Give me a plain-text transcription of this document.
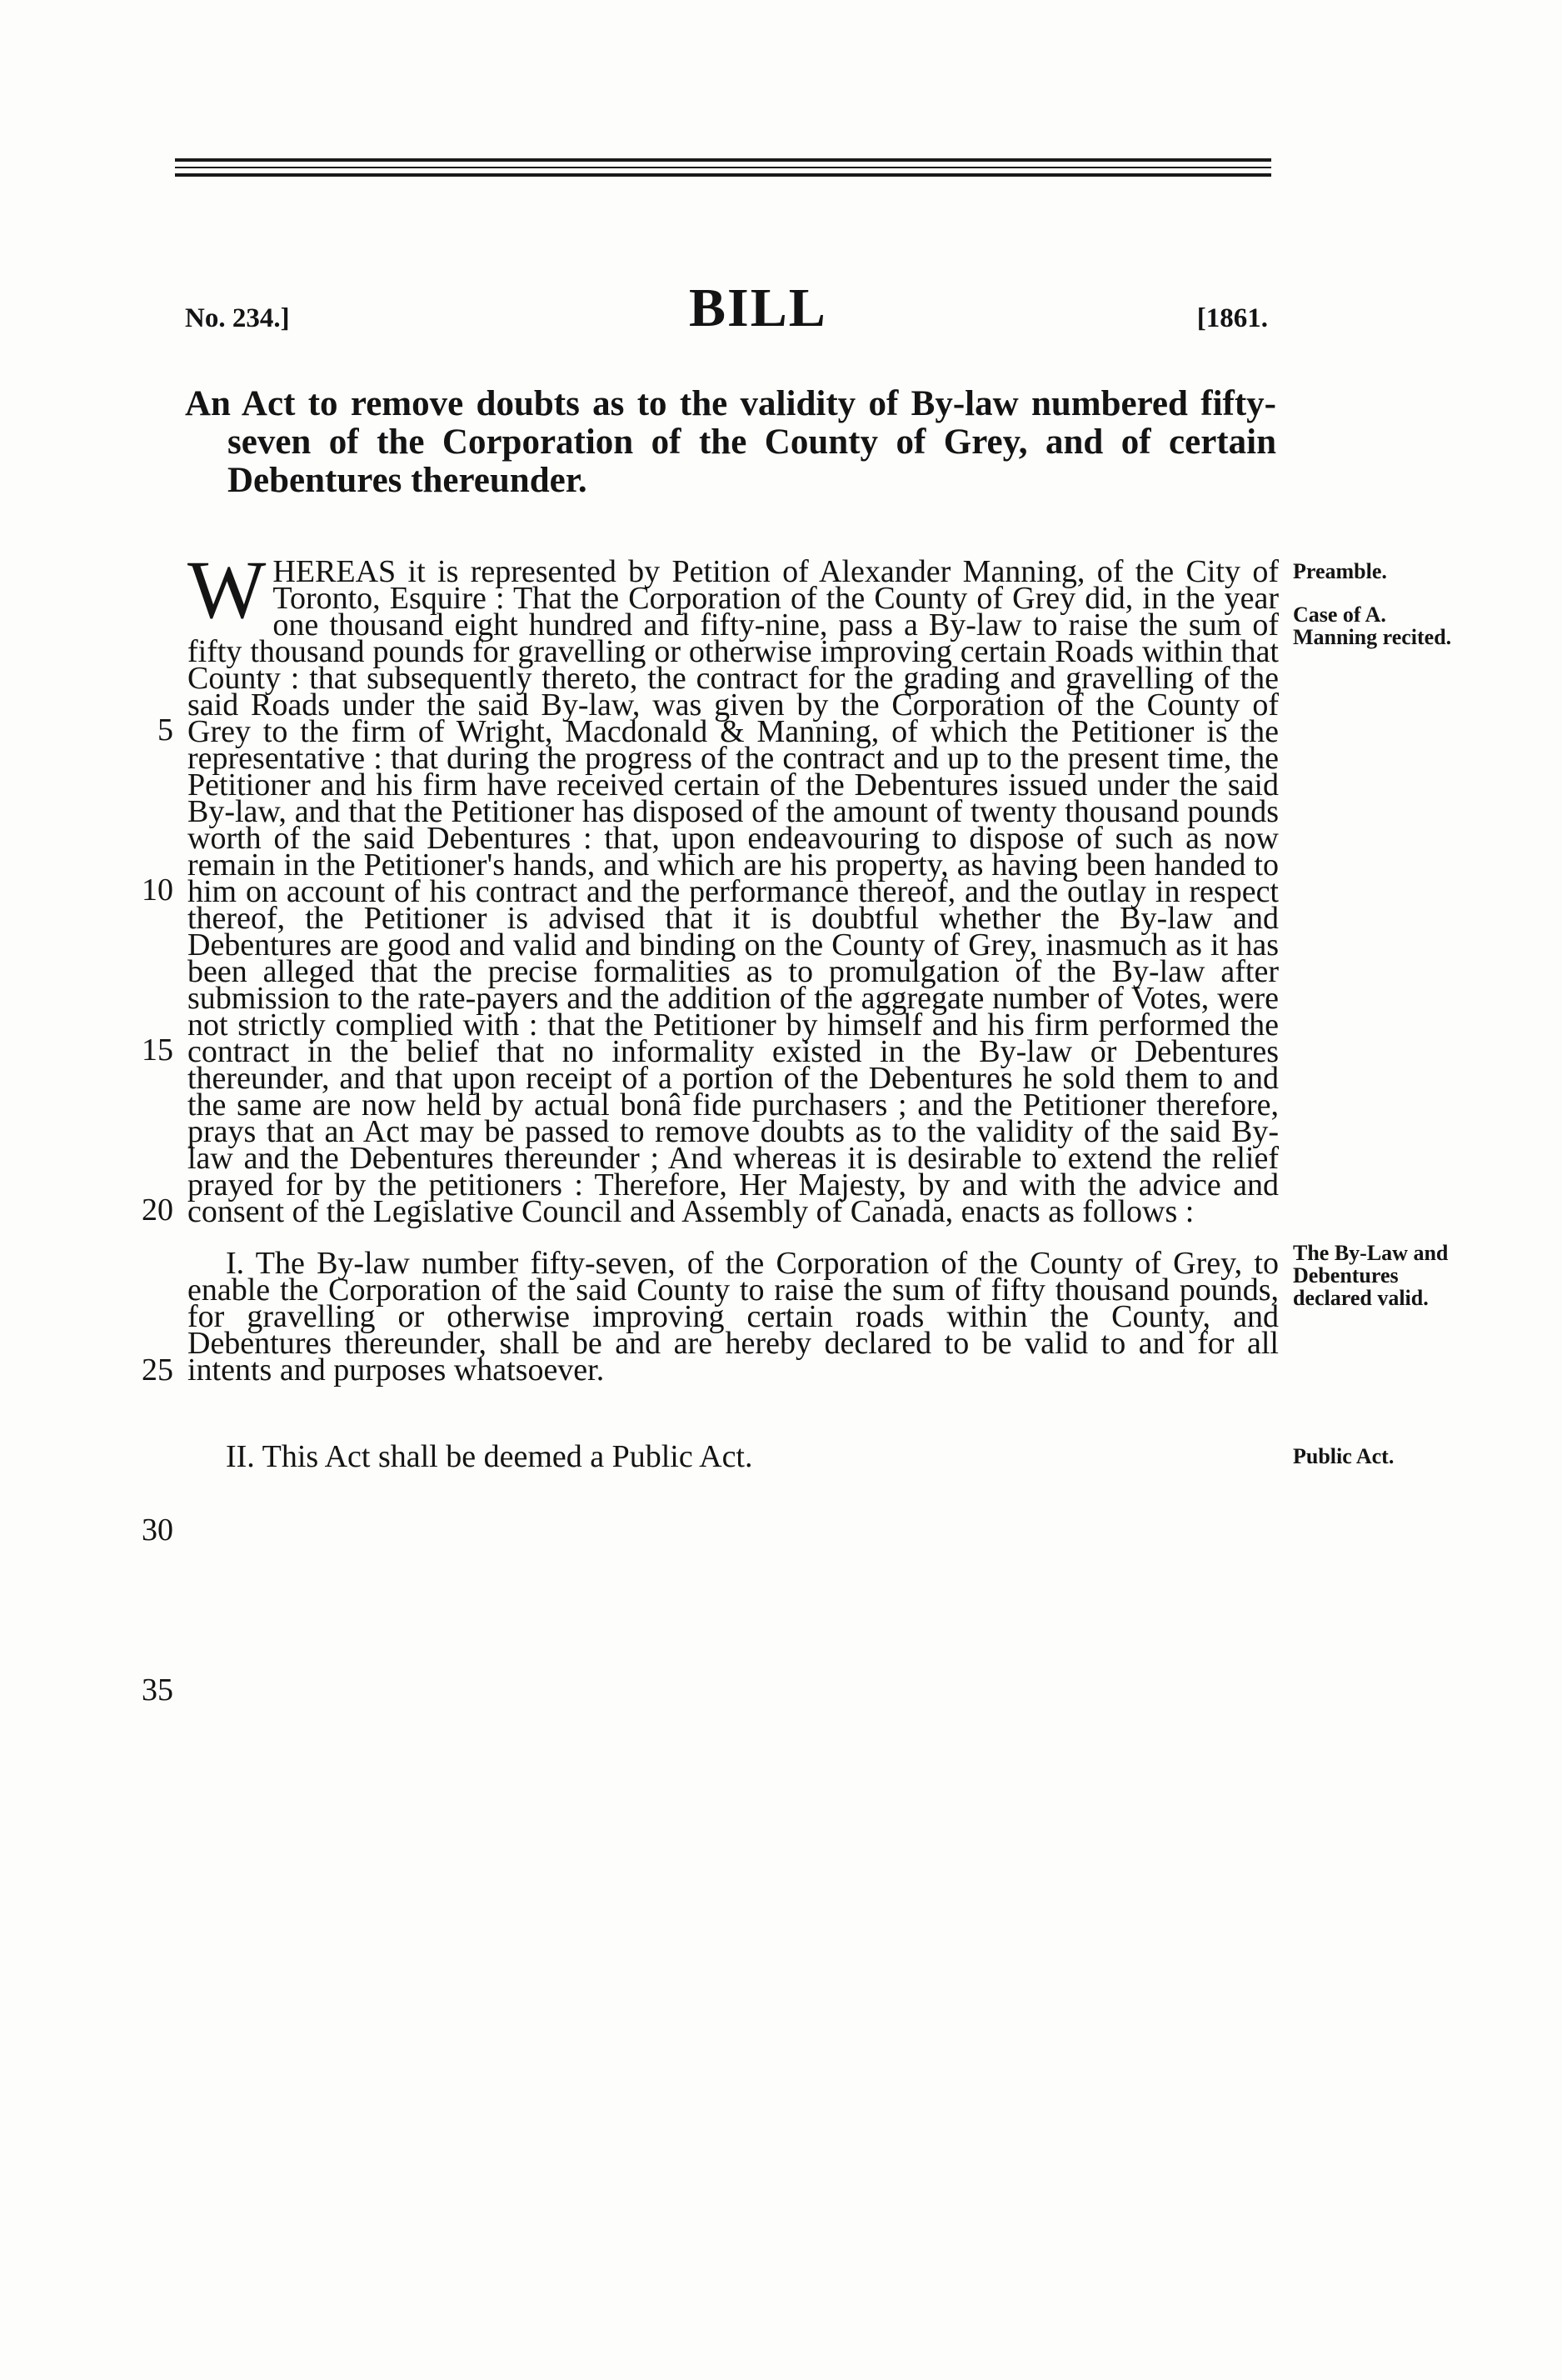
No. 234.]	BILL	[1861.

An Act to remove doubts as to the validity of By-law numbered fifty-seven of the Corporation of the County of Grey, and of certain Debentures thereunder.

WHEREAS it is represented by Petition of Alexander Manning, of the City of Toronto, Esquire : That the Corporation of the County of Grey did, in the year one thousand eight hundred and fifty-nine, pass a By-law to raise the sum of fifty thousand pounds for gravelling or otherwise improving certain Roads within that County : that subsequently thereto, the contract for the grading and gravelling of the said Roads under the said By-law, was given by the Corporation of the County of Grey to the firm of Wright, Macdonald & Manning, of which the Petitioner is the representative : that during the progress of the contract and up to the present time, the Petitioner and his firm have received certain of the Debentures issued under the said By-law, and that the Petitioner has disposed of the amount of twenty thousand pounds worth of the said Debentures : that, upon endeavouring to dispose of such as now remain in the Petitioner's hands, and which are his property, as having been handed to him on account of his contract and the performance thereof, and the outlay in respect thereof, the Petitioner is advised that it is doubtful whether the By-law and Debentures are good and valid and binding on the County of Grey, inasmuch as it has been alleged that the precise formalities as to promulgation of the By-law after submission to the rate-payers and the addition of the aggregate number of Votes, were not strictly complied with : that the Petitioner by himself and his firm performed the contract in the belief that no informality existed in the By-law or Debentures thereunder, and that upon receipt of a portion of the Debentures he sold them to and the same are now held by actual bonâ fide purchasers ; and the Petitioner therefore, prays that an Act may be passed to remove doubts as to the validity of the said By-law and the Debentures thereunder ; And whereas it is desirable to extend the relief prayed for by the petitioners : Therefore, Her Majesty, by and with the advice and consent of the Legislative Council and Assembly of Canada, enacts as follows :

I. The By-law number fifty-seven, of the Corporation of the County of Grey, to enable the Corporation of the said County to raise the sum of fifty thousand pounds, for gravelling or otherwise improving certain roads within the County, and Debentures thereunder, shall be and are hereby declared to be valid to and for all intents and purposes whatsoever.

II. This Act shall be deemed a Public Act.

5
10
15
20
25
30
35
Preamble.
Case of A. Manning recited.
The By-Law and Debentures declared valid.
Public Act.
